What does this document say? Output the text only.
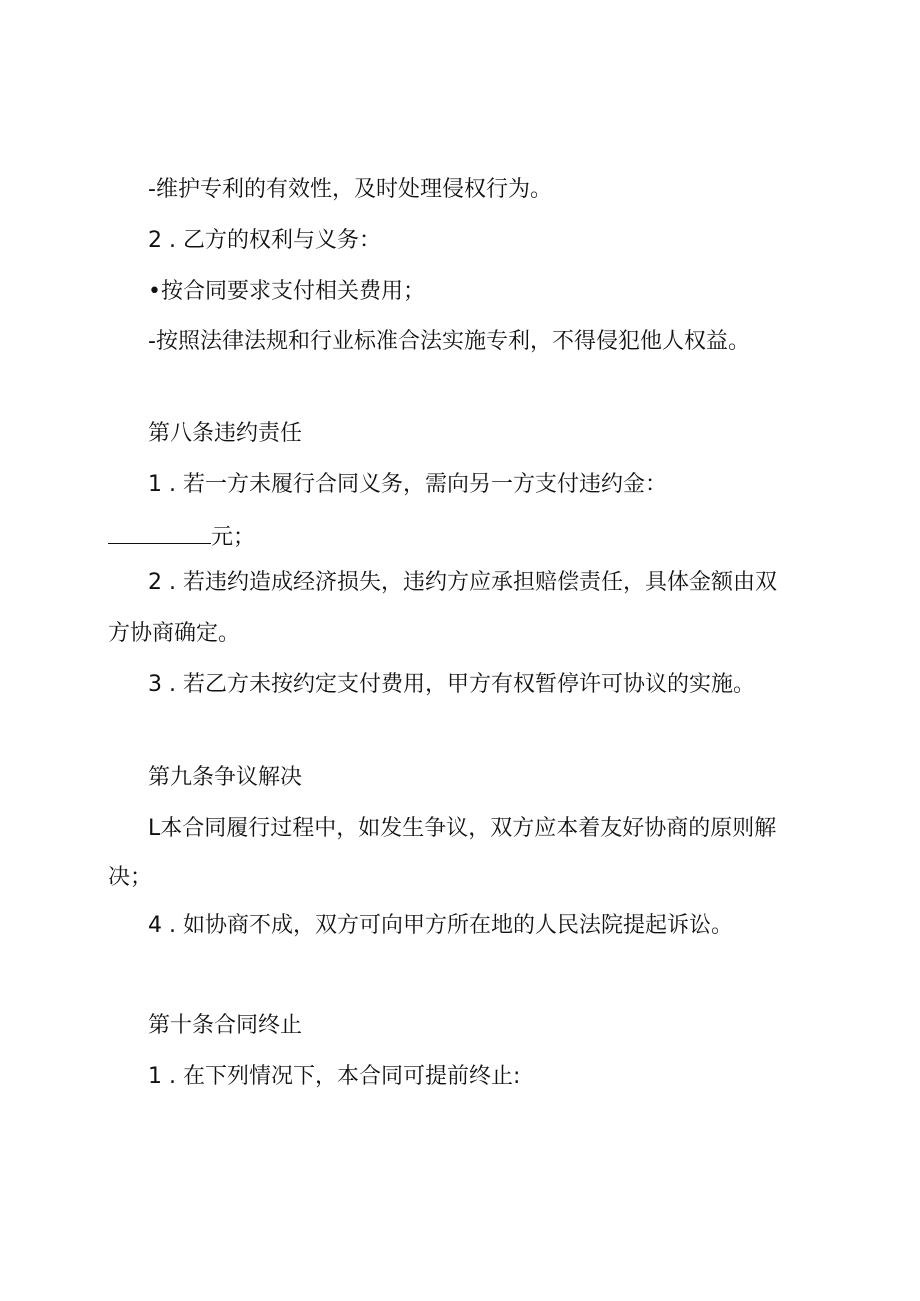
-维护专利的有效性，及时处理侵权行为。
2 . 乙方的权利与义务：
•按合同要求支付相关费用；
-按照法律法规和行业标准合法实施专利，不得侵犯他人权益。
第八条违约责任
1 . 若一方未履行合同义务，需向另一方支付违约金：
元；
2 . 若违约造成经济损失，违约方应承担赔偿责任，具体金额由双
方协商确定。
3 . 若乙方未按约定支付费用，甲方有权暂停许可协议的实施。
第九条争议解决
L本合同履行过程中，如发生争议，双方应本着友好协商的原则解
决；
4 . 如协商不成，双方可向甲方所在地的人民法院提起诉讼。
第十条合同终止
1 . 在下列情况下，本合同可提前终止:
